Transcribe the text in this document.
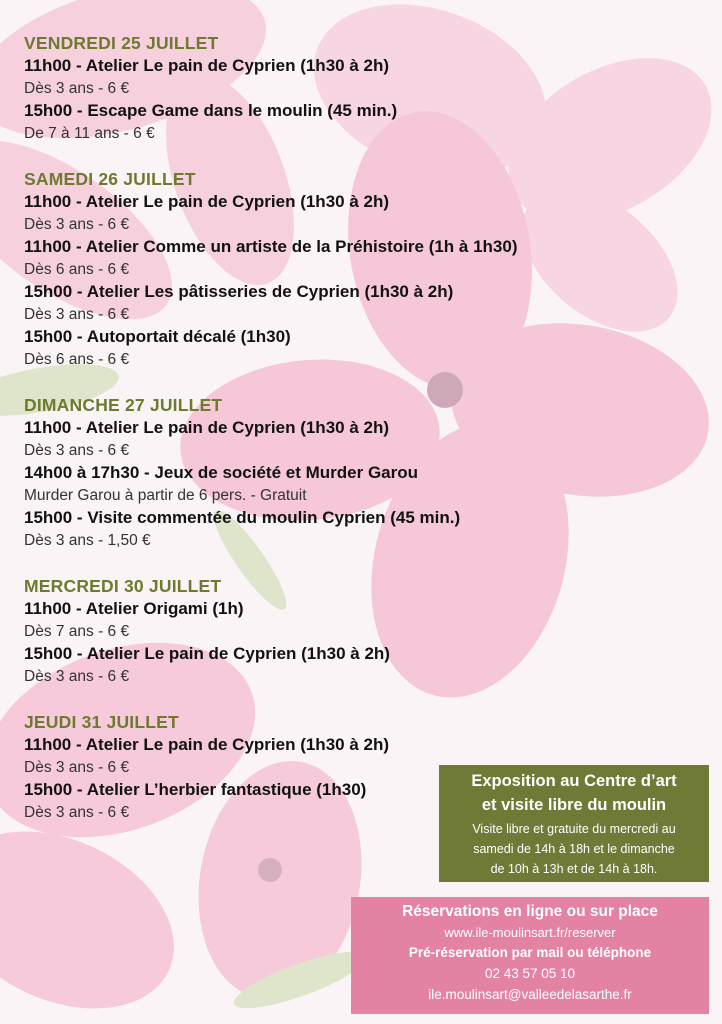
VENDREDI 25 JUILLET
11h00 - Atelier Le pain de Cyprien (1h30 à 2h)
Dès 3 ans - 6 €
15h00 - Escape Game dans le moulin (45 min.)
De 7 à 11 ans - 6 €
SAMEDI 26 JUILLET
11h00 - Atelier Le pain de Cyprien (1h30 à 2h)
Dès 3 ans - 6 €
11h00 - Atelier Comme un artiste de la Préhistoire (1h à 1h30)
Dès 6 ans - 6 €
15h00 - Atelier Les pâtisseries de Cyprien (1h30 à 2h)
Dès 3 ans - 6 €
15h00 - Autoportait décalé (1h30)
Dès 6 ans - 6 €
DIMANCHE 27 JUILLET
11h00 - Atelier Le pain de Cyprien (1h30 à 2h)
Dès 3 ans - 6 €
14h00 à 17h30 - Jeux de société et Murder Garou
Murder Garou à partir de 6 pers. - Gratuit
15h00 - Visite commentée du moulin Cyprien (45 min.)
Dès 3 ans - 1,50 €
MERCREDI 30 JUILLET
11h00 - Atelier Origami (1h)
Dès 7 ans - 6 €
15h00 - Atelier Le pain de Cyprien (1h30 à 2h)
Dès 3 ans - 6 €
JEUDI 31 JUILLET
11h00 - Atelier Le pain de Cyprien (1h30 à 2h)
Dès 3 ans - 6 €
15h00 - Atelier L’herbier fantastique (1h30)
Dès 3 ans - 6 €
Exposition au Centre d’art
et visite libre du moulin
Visite libre et gratuite du mercredi au
samedi de 14h à 18h et le dimanche
de 10h à 13h et de 14h à 18h.
Réservations en ligne ou sur place
www.ile-moulinsart.fr/reserver
Pré-réservation par mail ou téléphone
02 43 57 05 10
ile.moulinsart@valleedelasarthe.fr
